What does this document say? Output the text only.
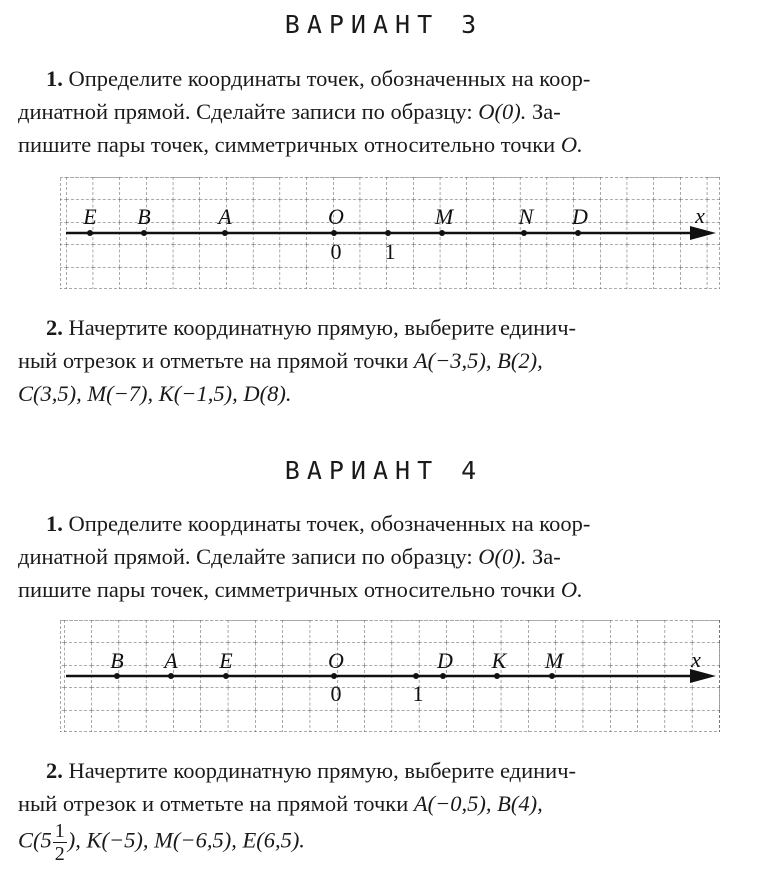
ВАРИАНТ 3
1. Определите координаты точек, обозначенных на коор-
динатной прямой. Сделайте записи по образцу: O(0). За-
пишите пары точек, симметричных относительно точки O.
E B	A	O	M	N D	x
0 1
2. Начертите координатную прямую, выберите единич-
ный отрезок и отметьте на прямой точки A(−3,5), B(2),
C(3,5), M(−7), K(−1,5), D(8).
ВАРИАНТ 4
1. Определите координаты точек, обозначенных на коор-
динатной прямой. Сделайте записи по образцу: O(0). За-
пишите пары точек, симметричных относительно точки O.
B A E	O	D K M	x
0	1
2. Начертите координатную прямую, выберите единич-
ный отрезок и отметьте на прямой точки A(−0,5), B(4),
$C(5 \frac{1}{2}$ ), K(−5), M(−6,5), E(6,5).
